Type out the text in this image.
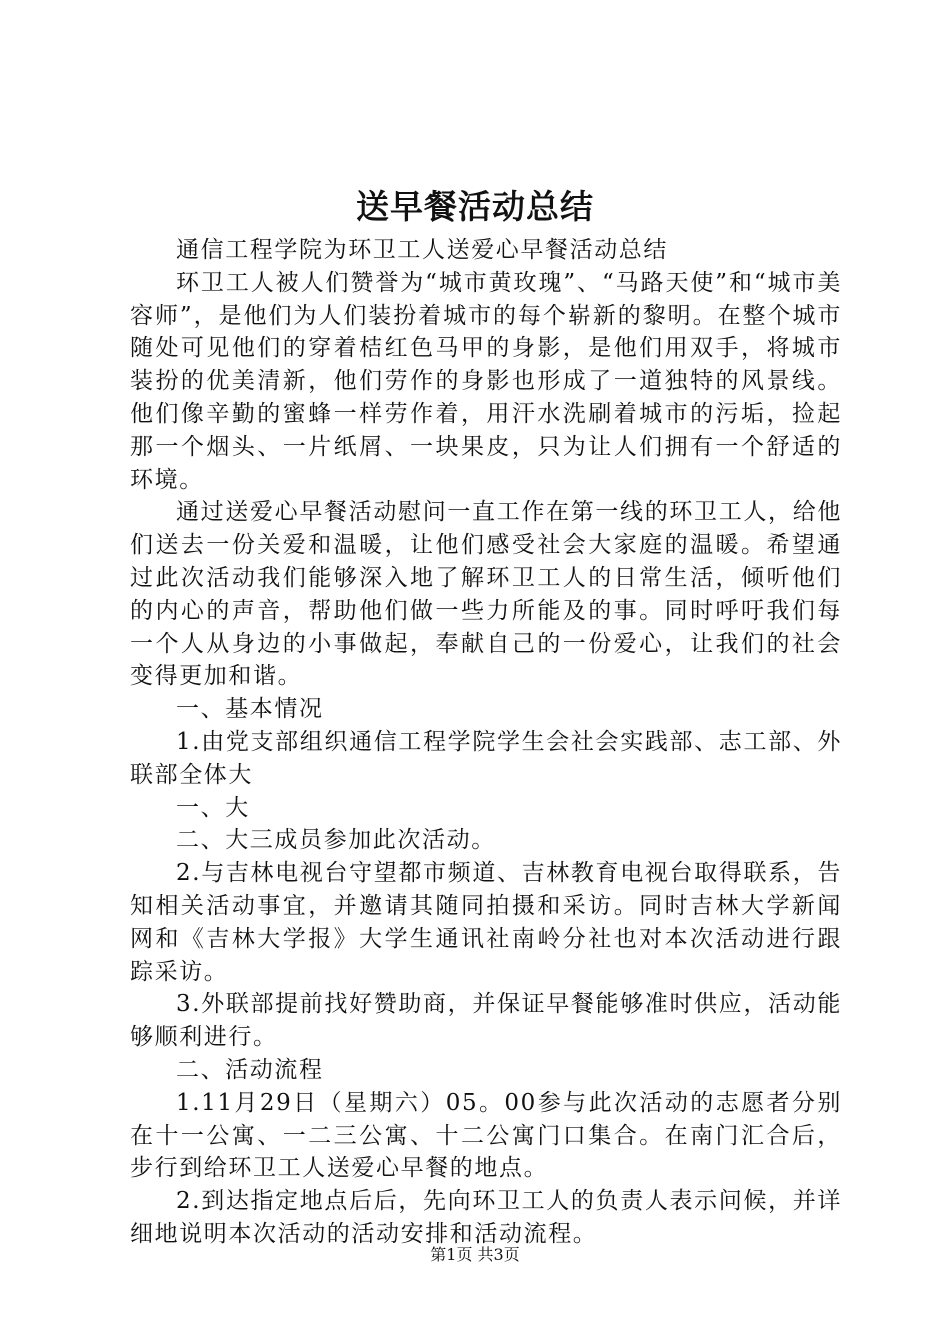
送早餐活动总结

通信工程学院为环卫工人送爱心早餐活动总结

环卫工人被人们赞誉为“城市黄玫瑰”、“马路天使”和“城市美容师”，是他们为人们装扮着城市的每个崭新的黎明。在整个城市随处可见他们的穿着桔红色马甲的身影，是他们用双手，将城市装扮的优美清新，他们劳作的身影也形成了一道独特的风景线。他们像辛勤的蜜蜂一样劳作着，用汗水洗刷着城市的污垢，捡起那一个烟头、一片纸屑、一块果皮，只为让人们拥有一个舒适的环境。

通过送爱心早餐活动慰问一直工作在第一线的环卫工人，给他们送去一份关爱和温暖，让他们感受社会大家庭的温暖。希望通过此次活动我们能够深入地了解环卫工人的日常生活，倾听他们的内心的声音，帮助他们做一些力所能及的事。同时呼吁我们每一个人从身边的小事做起，奉献自己的一份爱心，让我们的社会变得更加和谐。

一、基本情况

1.由党支部组织通信工程学院学生会社会实践部、志工部、外联部全体大

一、大

二、大三成员参加此次活动。

2.与吉林电视台守望都市频道、吉林教育电视台取得联系，告知相关活动事宜，并邀请其随同拍摄和采访。同时吉林大学新闻网和《吉林大学报》大学生通讯社南岭分社也对本次活动进行跟踪采访。

3.外联部提前找好赞助商，并保证早餐能够准时供应，活动能够顺利进行。

二、活动流程

1.11月29日（星期六）05。00参与此次活动的志愿者分别在十一公寓、一二三公寓、十二公寓门口集合。在南门汇合后，步行到给环卫工人送爱心早餐的地点。

2.到达指定地点后后，先向环卫工人的负责人表示问候，并详细地说明本次活动的活动安排和活动流程。

第1页 共3页
